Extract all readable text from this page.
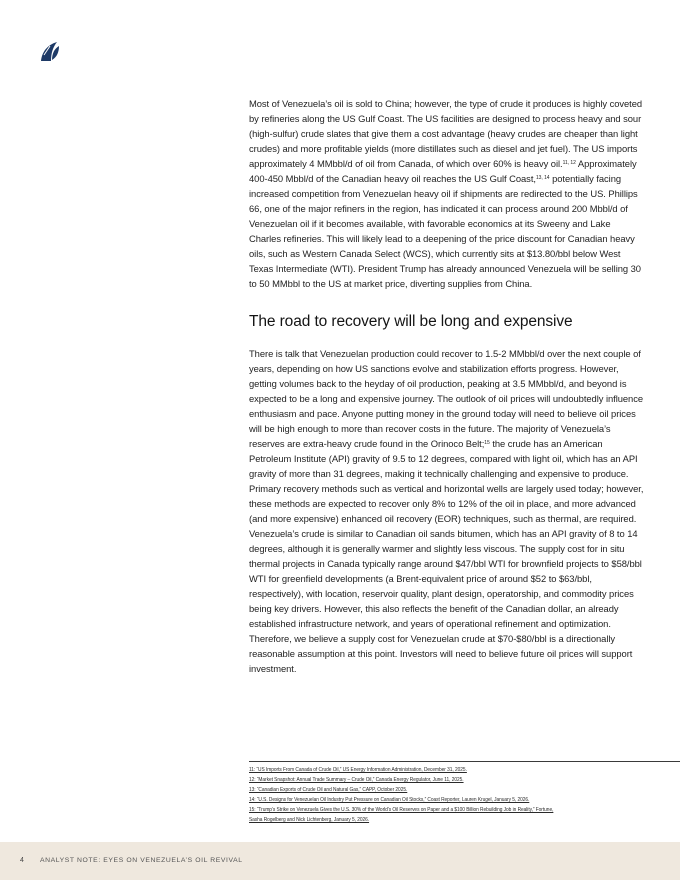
Most of Venezuela’s oil is sold to China; however, the type of crude it produces is highly coveted by refineries along the US Gulf Coast. The US facilities are designed to process heavy and sour (high-sulfur) crude slates that give them a cost advantage (heavy crudes are cheaper than light crudes) and more profitable yields (more distillates such as diesel and jet fuel). The US imports approximately 4 MMbbl/d of oil from Canada, of which over 60% is heavy oil.$^{11, 12}$ Approximately 400-450 Mbbl/d of the Canadian heavy oil reaches the US Gulf Coast,$^{13, 14}$ potentially facing increased competition from Venezuelan heavy oil if shipments are redirected to the US. Phillips 66, one of the major refiners in the region, has indicated it can process around 200 Mbbl/d of Venezuelan oil if it becomes available, with favorable economics at its Sweeny and Lake Charles refineries. This will likely lead to a deepening of the price discount for Canadian heavy oils, such as Western Canada Select (WCS), which currently sits at $13.80/bbl below West Texas Intermediate (WTI). President Trump has already announced Venezuela will be selling 30 to 50 MMbbl to the US at market price, diverting supplies from China.

The road to recovery will be long and expensive

There is talk that Venezuelan production could recover to 1.5-2 MMbbl/d over the next couple of years, depending on how US sanctions evolve and stabilization efforts progress. However, getting volumes back to the heyday of oil production, peaking at 3.5 MMbbl/d, and beyond is expected to be a long and expensive journey. The outlook of oil prices will undoubtedly influence enthusiasm and pace. Anyone putting money in the ground today will need to believe oil prices will be high enough to more than recover costs in the future. The majority of Venezuela’s reserves are extra-heavy crude found in the Orinoco Belt;$^{15}$ the crude has an American Petroleum Institute (API) gravity of 9.5 to 12 degrees, compared with light oil, which has an API gravity of more than 31 degrees, making it technically challenging and expensive to produce. Primary recovery methods such as vertical and horizontal wells are largely used today; however, these methods are expected to recover only 8% to 12% of the oil in place, and more advanced (and more expensive) enhanced oil recovery (EOR) techniques, such as thermal, are required. Venezuela’s crude is similar to Canadian oil sands bitumen, which has an API gravity of 8 to 14 degrees, although it is generally warmer and slightly less viscous. The supply cost for in situ thermal projects in Canada typically range around $47/bbl WTI for brownfield projects to $58/bbl WTI for greenfield developments (a Brent-equivalent price of around $52 to $63/bbl, respectively), with location, reservoir quality, plant design, operatorship, and commodity prices being key drivers. However, this also reflects the benefit of the Canadian dollar, an already established infrastructure network, and years of operational refinement and optimization. Therefore, we believe a supply cost for Venezuelan crude at $70-$80/bbl is a directionally reasonable assumption at this point. Investors will need to believe future oil prices will support investment.

11: “US Imports From Canada of Crude Oil,” US Energy Information Administration, December 31, 2025.
12: “Market Snapshot: Annual Trade Summary – Crude Oil,” Canada Energy Regulator, June 11, 2025.
13: “Canadian Exports of Crude Oil and Natural Gas,” CAPP, October 2025.
14: “U.S. Designs for Venezuelan Oil Industry Put Pressure on Canadian Oil Stocks,” Coast Reporter, Lauren Krugel, January 5, 2026.
15: “Trump’s Strike on Venezuela Gives the U.S. 30% of the World’s Oil Reserves on Paper and a $100 Billion Rebuilding Job in Reality,” Fortune,
Sasha Rogelberg and Nick Lichtenberg, January 5, 2026.
4 ANALYST NOTE: EYES ON VENEZUELA’S OIL REVIVAL
